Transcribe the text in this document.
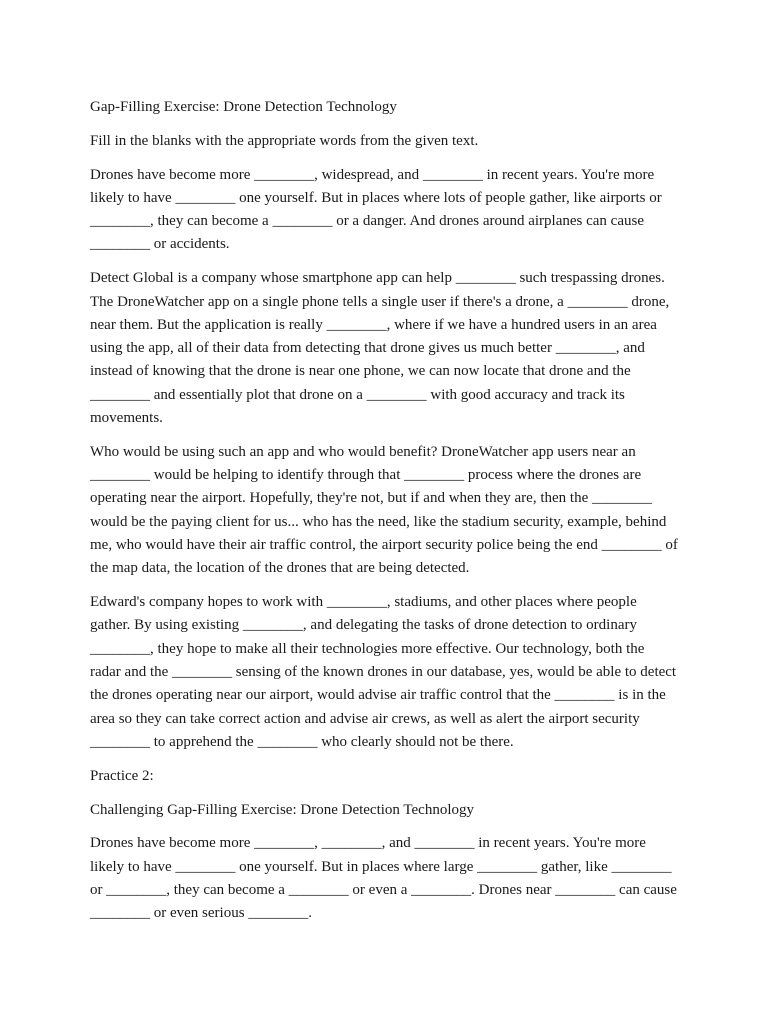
Gap-Filling Exercise: Drone Detection Technology

Fill in the blanks with the appropriate words from the given text.

Drones have become more ________, widespread, and ________ in recent years. You're more likely to have ________ one yourself. But in places where lots of people gather, like airports or ________, they can become a ________ or a danger. And drones around airplanes can cause ________ or accidents.

Detect Global is a company whose smartphone app can help ________ such trespassing drones. The DroneWatcher app on a single phone tells a single user if there's a drone, a ________ drone, near them. But the application is really ________, where if we have a hundred users in an area using the app, all of their data from detecting that drone gives us much better ________, and instead of knowing that the drone is near one phone, we can now locate that drone and the ________ and essentially plot that drone on a ________ with good accuracy and track its movements.

Who would be using such an app and who would benefit? DroneWatcher app users near an ________ would be helping to identify through that ________ process where the drones are operating near the airport. Hopefully, they're not, but if and when they are, then the ________ would be the paying client for us... who has the need, like the stadium security, example, behind me, who would have their air traffic control, the airport security police being the end ________ of the map data, the location of the drones that are being detected.

Edward's company hopes to work with ________, stadiums, and other places where people gather. By using existing ________, and delegating the tasks of drone detection to ordinary ________, they hope to make all their technologies more effective. Our technology, both the radar and the ________ sensing of the known drones in our database, yes, would be able to detect the drones operating near our airport, would advise air traffic control that the ________ is in the area so they can take correct action and advise air crews, as well as alert the airport security ________ to apprehend the ________ who clearly should not be there.

Practice 2:

Challenging Gap-Filling Exercise: Drone Detection Technology

Drones have become more ________, ________, and ________ in recent years. You're more likely to have ________ one yourself. But in places where large ________ gather, like ________ or ________, they can become a ________ or even a ________. Drones near ________ can cause ________ or even serious ________.
